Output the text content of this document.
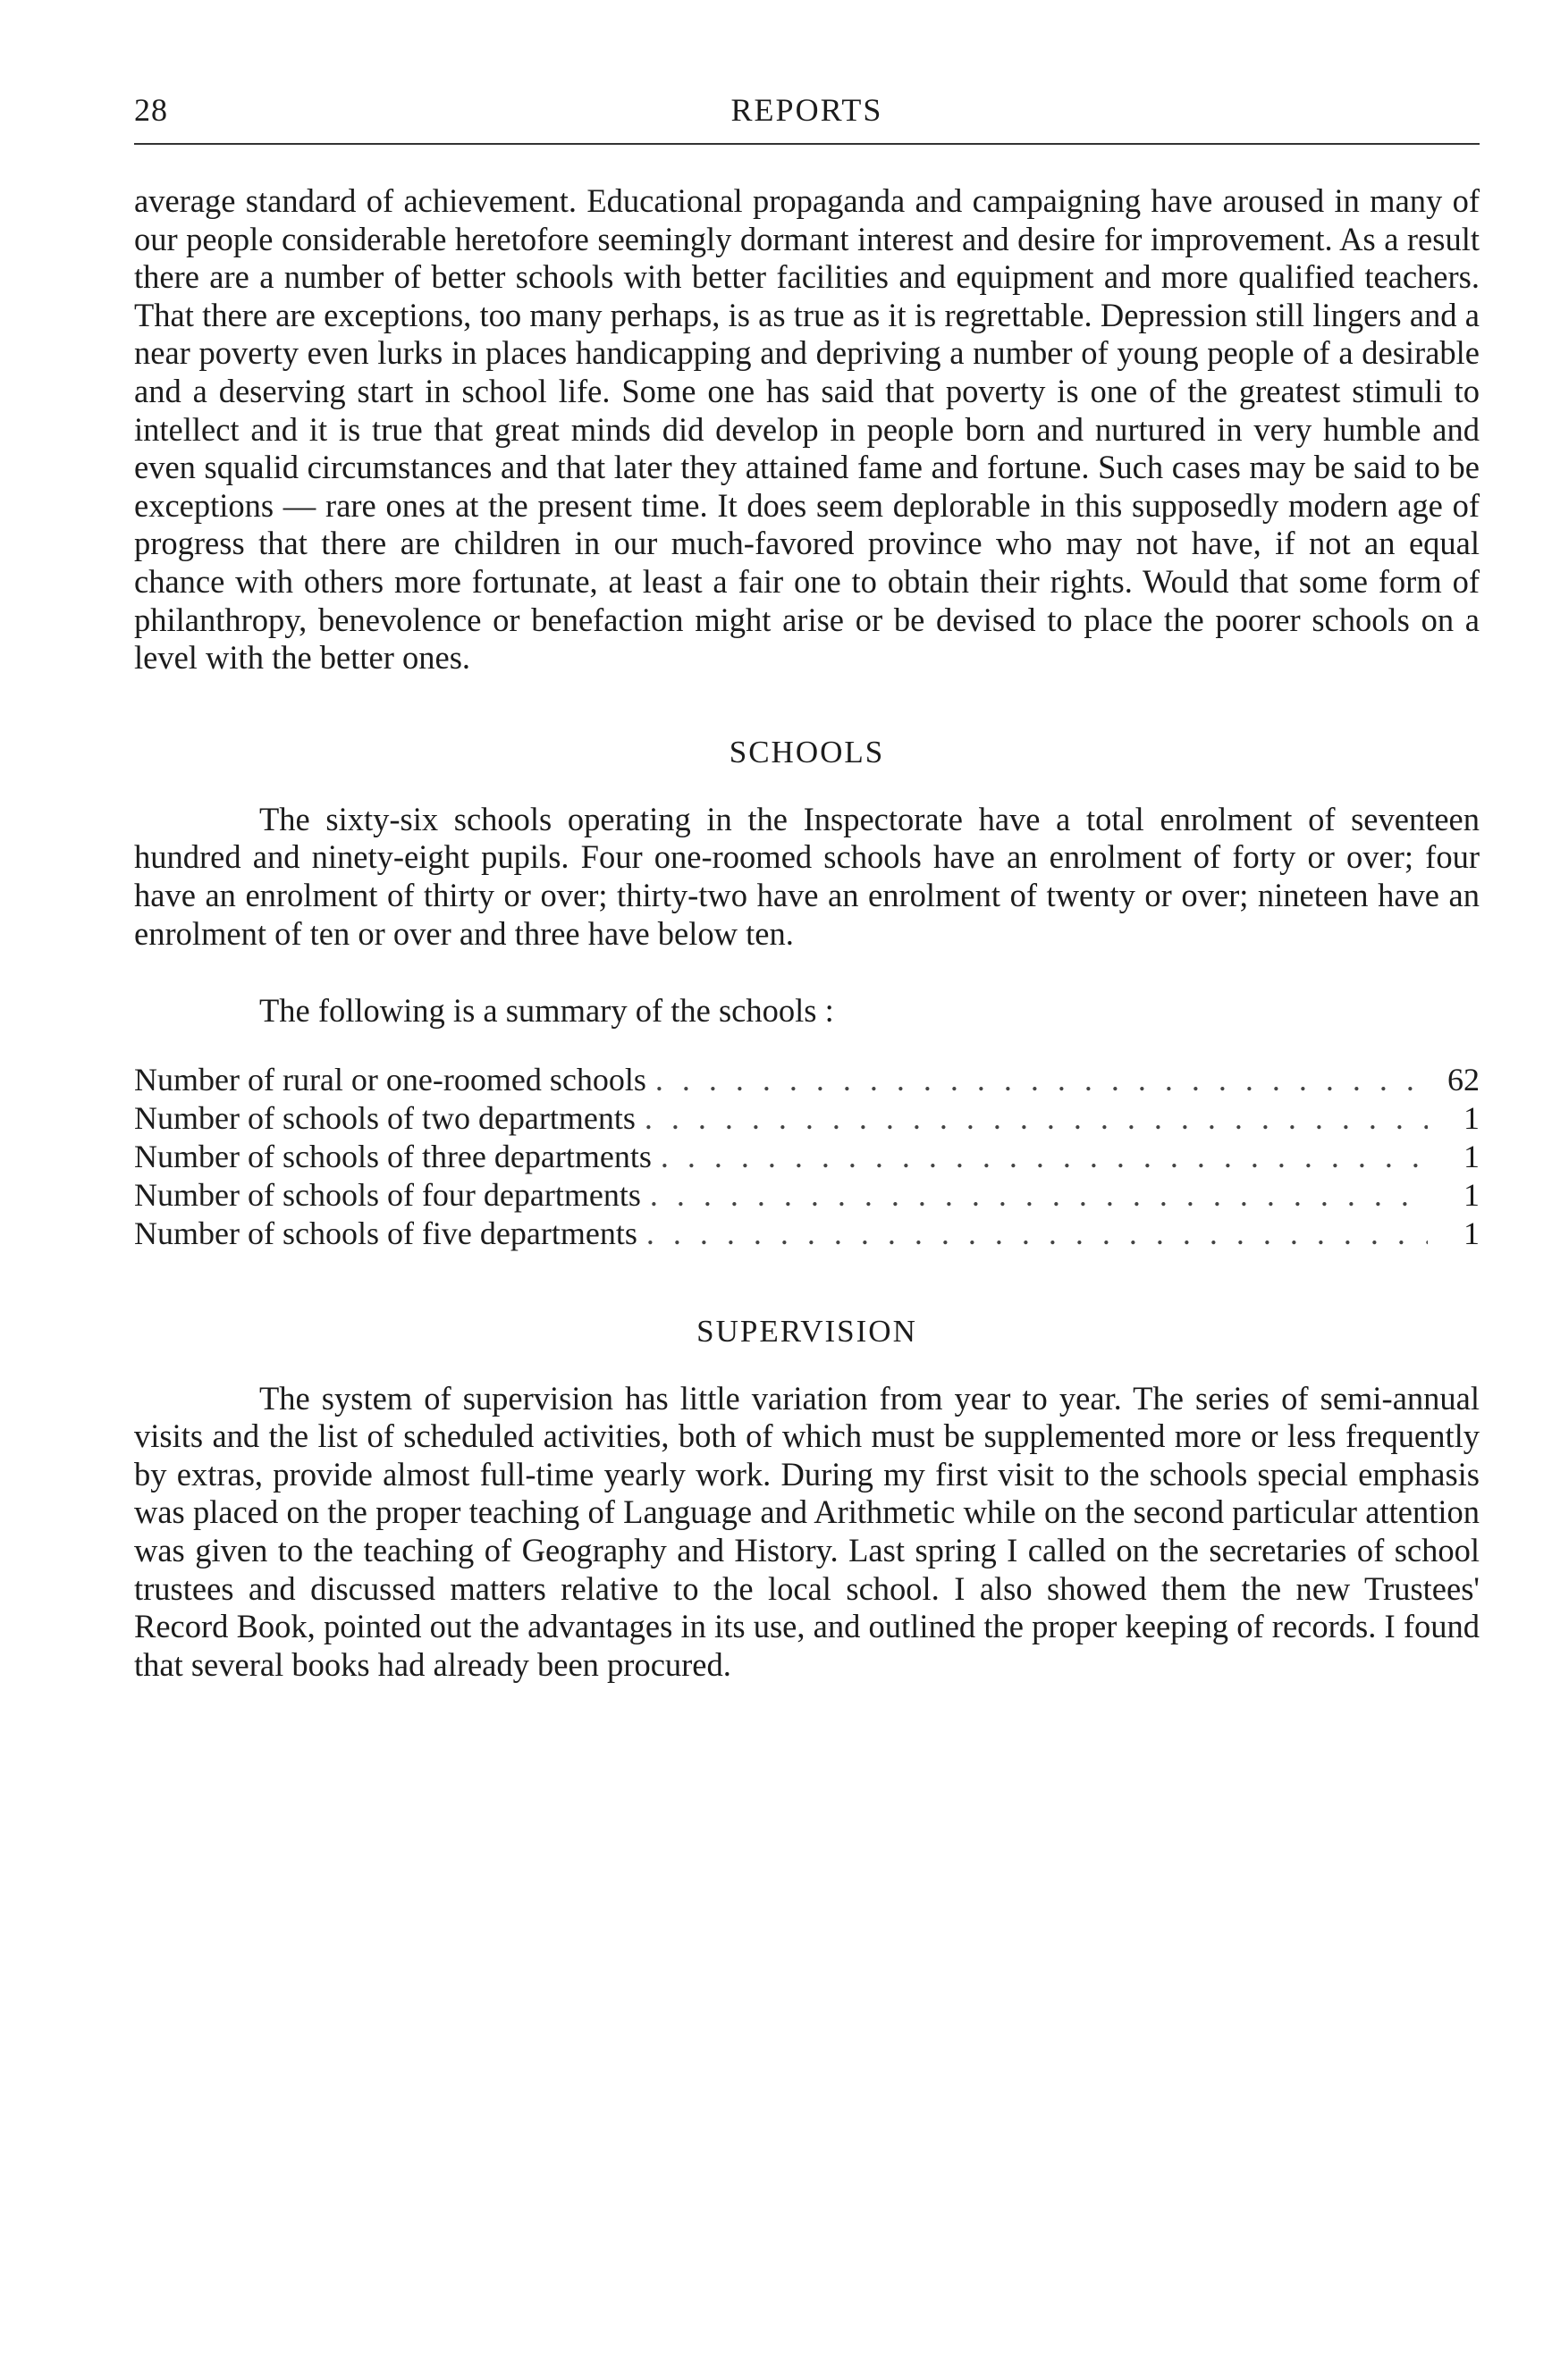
28	REPORTS

average standard of achievement. Educational propaganda and campaigning have aroused in many of our people considerable heretofore seemingly dormant interest and desire for improvement. As a result there are a number of better schools with better facilities and equipment and more qualified teachers. That there are exceptions, too many perhaps, is as true as it is regrettable. Depression still lingers and a near poverty even lurks in places handicapping and depriving a number of young people of a desirable and a deserving start in school life. Some one has said that poverty is one of the greatest stimuli to intellect and it is true that great minds did develop in people born and nurtured in very humble and even squalid circumstances and that later they attained fame and fortune. Such cases may be said to be exceptions — rare ones at the present time. It does seem deplorable in this supposedly modern age of progress that there are children in our much-favored province who may not have, if not an equal chance with others more fortunate, at least a fair one to obtain their rights. Would that some form of philanthropy, benevolence or benefaction might arise or be devised to place the poorer schools on a level with the better ones.

SCHOOLS

The sixty-six schools operating in the Inspectorate have a total enrolment of seventeen hundred and ninety-eight pupils. Four one-roomed schools have an enrolment of forty or over; four have an enrolment of thirty or over; thirty-two have an enrolment of twenty or over; nineteen have an enrolment of ten or over and three have below ten.

The following is a summary of the schools :

Number of rural or one-roomed schools . . .	62
Number of schools of two departments . . .	1
Number of schools of three departments . . .	1
Number of schools of four departments . . .	1
Number of schools of five departments . . .	1
SUPERVISION

The system of supervision has little variation from year to year. The series of semi-annual visits and the list of scheduled activities, both of which must be supplemented more or less frequently by extras, provide almost full-time yearly work. During my first visit to the schools special emphasis was placed on the proper teaching of Language and Arithmetic while on the second particular attention was given to the teaching of Geography and History. Last spring I called on the secretaries of school trustees and discussed matters relative to the local school. I also showed them the new Trustees' Record Book, pointed out the advantages in its use, and outlined the proper keeping of records. I found that several books had already been procured.
